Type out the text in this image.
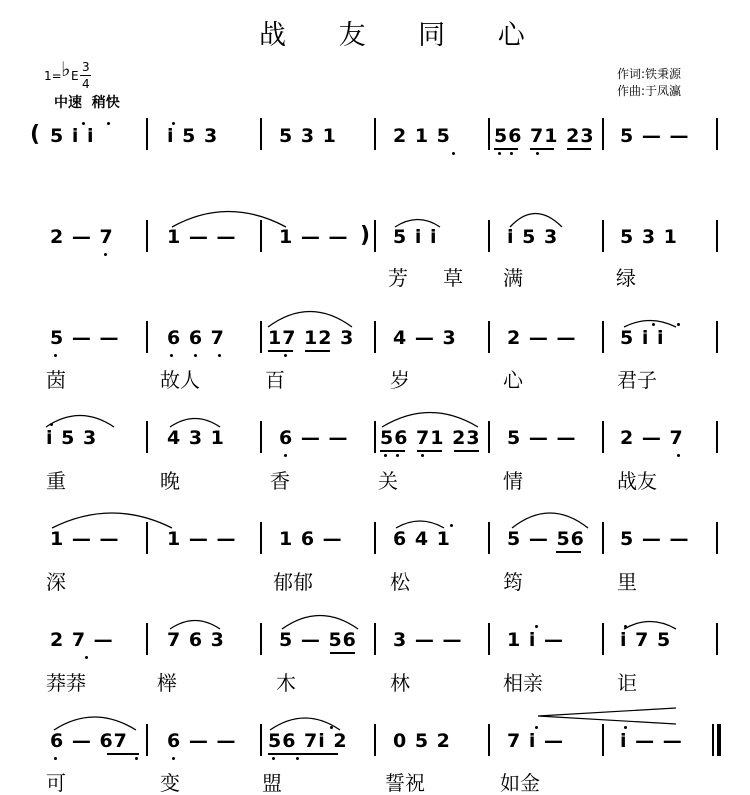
战 友 同 心
1= ♭ E
3
4
中速  稍快
作词:铁秉源
作曲:于凤瀛
( 5 i i	i 5 3	5 3 1	2 1 5 56 71 23 5 — —
2 — 7	1 — — 1 — — ) 5 i i	i 5 3	5 3 1
芳 草 满	绿
5 — —	6 6 7 17 12 3 4 — 3	2 — — 5 i i
茵	故人	百	岁	心	君子
i 5 3	4 3 1	6 — — 56 71 23 5 — — 2 — 7
重	晚	香	关	情	战友
1 — —	1 — — 1 6 —	6 4 1	5 — 56 5 — —
深	郁郁	松	筠	里
2 7 —	7 6 3	5 — 56 3 — — 1 i —	i 7 5
莽莽	榉	木	林	相亲	讵
6 — 67 6 — — 56 7i 2 0 5 2	7 i —	i — —
可	变	盟	誓祝	如金
